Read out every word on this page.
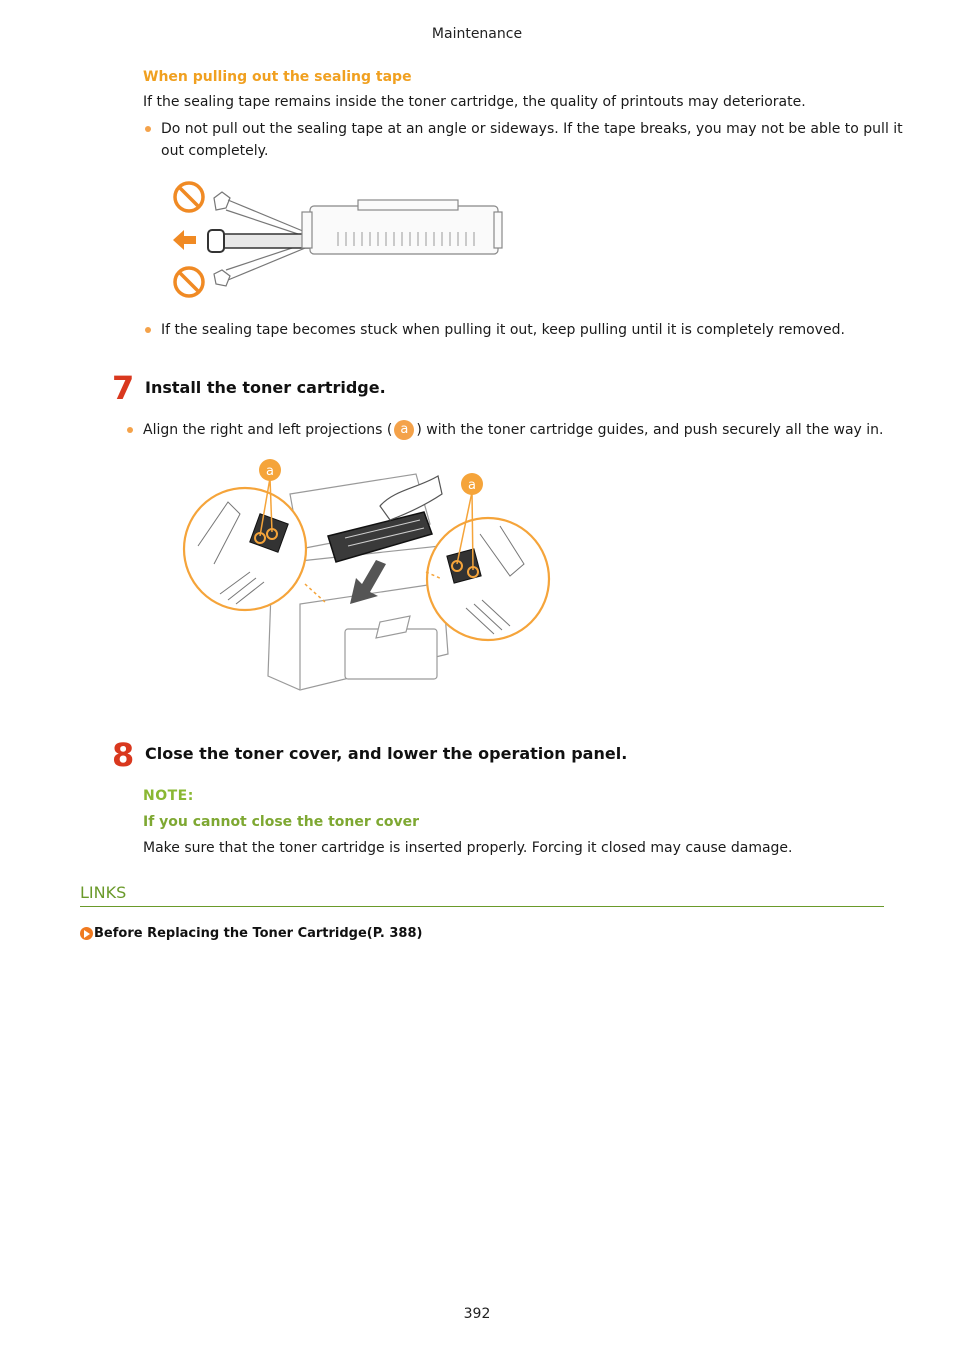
Maintenance
When pulling out the sealing tape
If the sealing tape remains inside the toner cartridge, the quality of printouts may deteriorate.
Do not pull out the sealing tape at an angle or sideways. If the tape breaks, you may not be able to pull it
out completely.
If the sealing tape becomes stuck when pulling it out, keep pulling until it is completely removed.
7 Install the toner cartridge.
Align the right and left projections ( a ) with the toner cartridge guides, and push securely all the way in.
a
a
8 Close the toner cover, and lower the operation panel.
NOTE:
If you cannot close the toner cover
Make sure that the toner cartridge is inserted properly. Forcing it closed may cause damage.
LINKS
Before Replacing the Toner Cartridge(P. 388)
392
